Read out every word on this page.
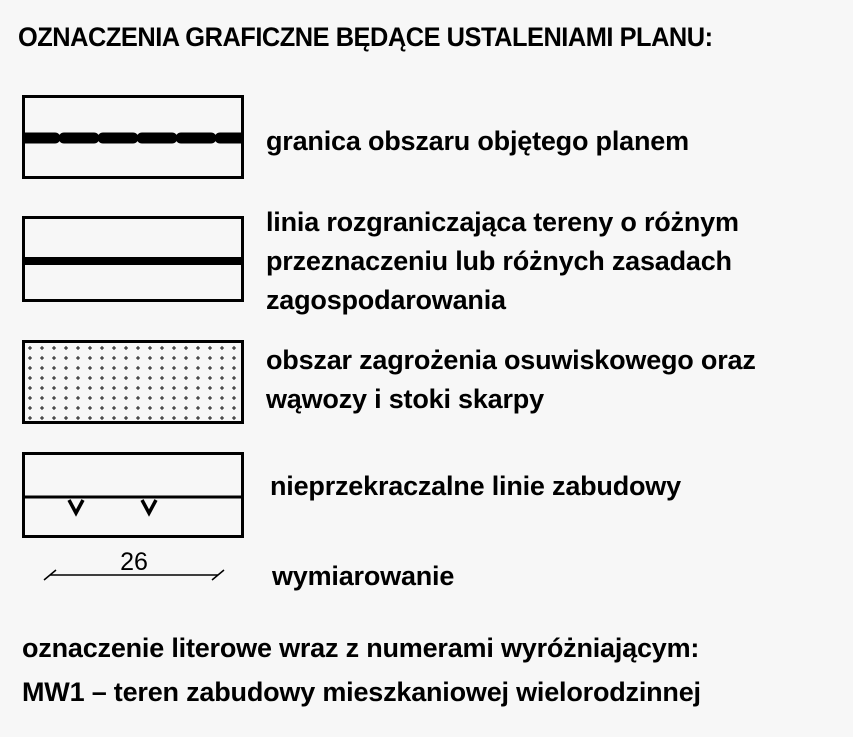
OZNACZENIA GRAFICZNE BĘDĄCE USTALENIAMI PLANU:
granica obszaru objętego planem
linia rozgraniczająca tereny o różnym
przeznaczeniu lub różnych zasadach
zagospodarowania
obszar zagrożenia osuwiskowego oraz
wąwozy i stoki skarpy
nieprzekraczalne linie zabudowy
26	wymiarowanie
oznaczenie literowe wraz z numerami wyróżniającym:
MW1 – teren zabudowy mieszkaniowej wielorodzinnej
